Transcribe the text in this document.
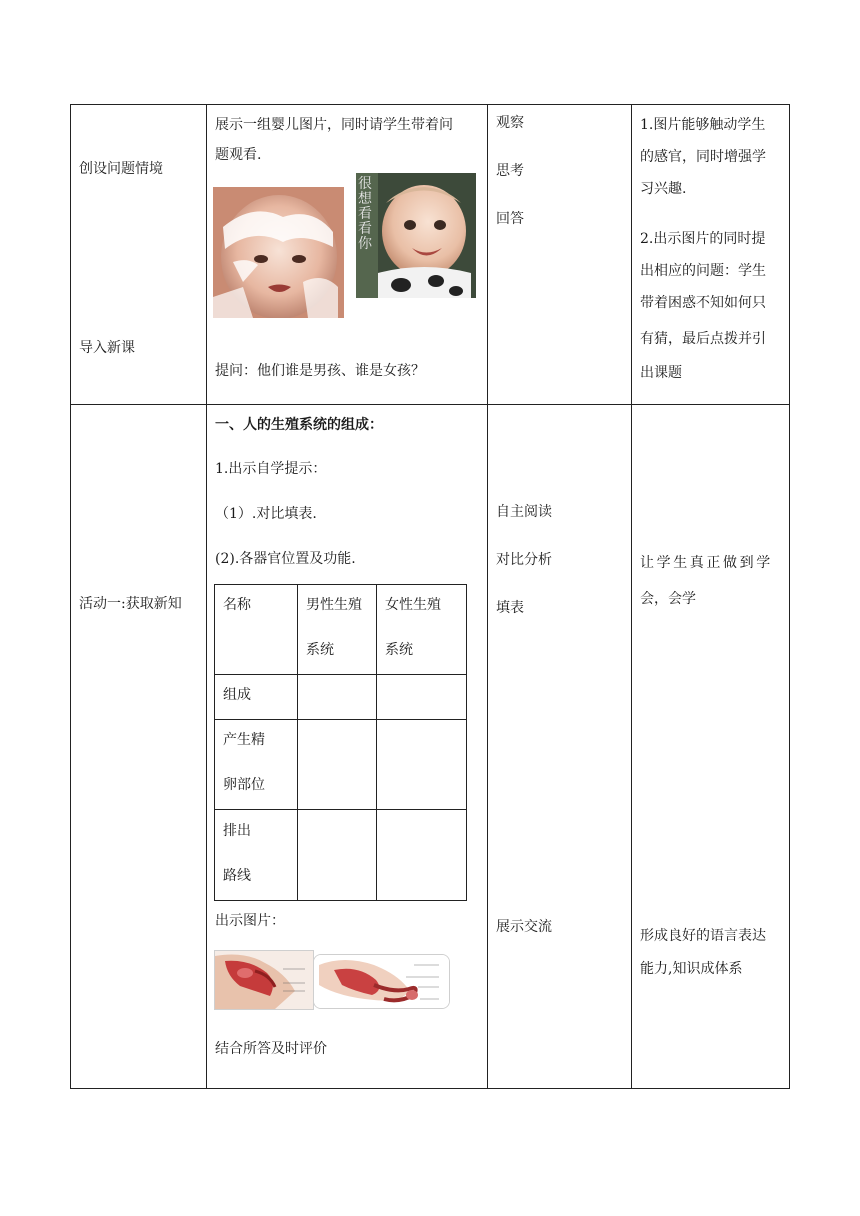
创设问题情境
导入新课
展示一组婴儿图片，同时请学生带着问
题观看.
很想看看你
提问：他们谁是男孩、谁是女孩？
观察
思考
回答
1.图片能够触动学生
的感官，同时增强学
习兴趣.
2.出示图片的同时提
出相应的问题：学生
带着困惑不知如何只
有猜，最后点拨并引
出课题
活动一:获取新知
一、人的生殖系统的组成：
1.出示自学提示：
（1）.对比填表.
(2).各器官位置及功能.
名称	男性生殖
系统
女性生殖
系统
组成
产生精
卵部位
排出
路线
出示图片：
结合所答及时评价
自主阅读
对比分析
填表
展示交流
让学生真正做到学
会，会学
形成良好的语言表达
能力,知识成体系
